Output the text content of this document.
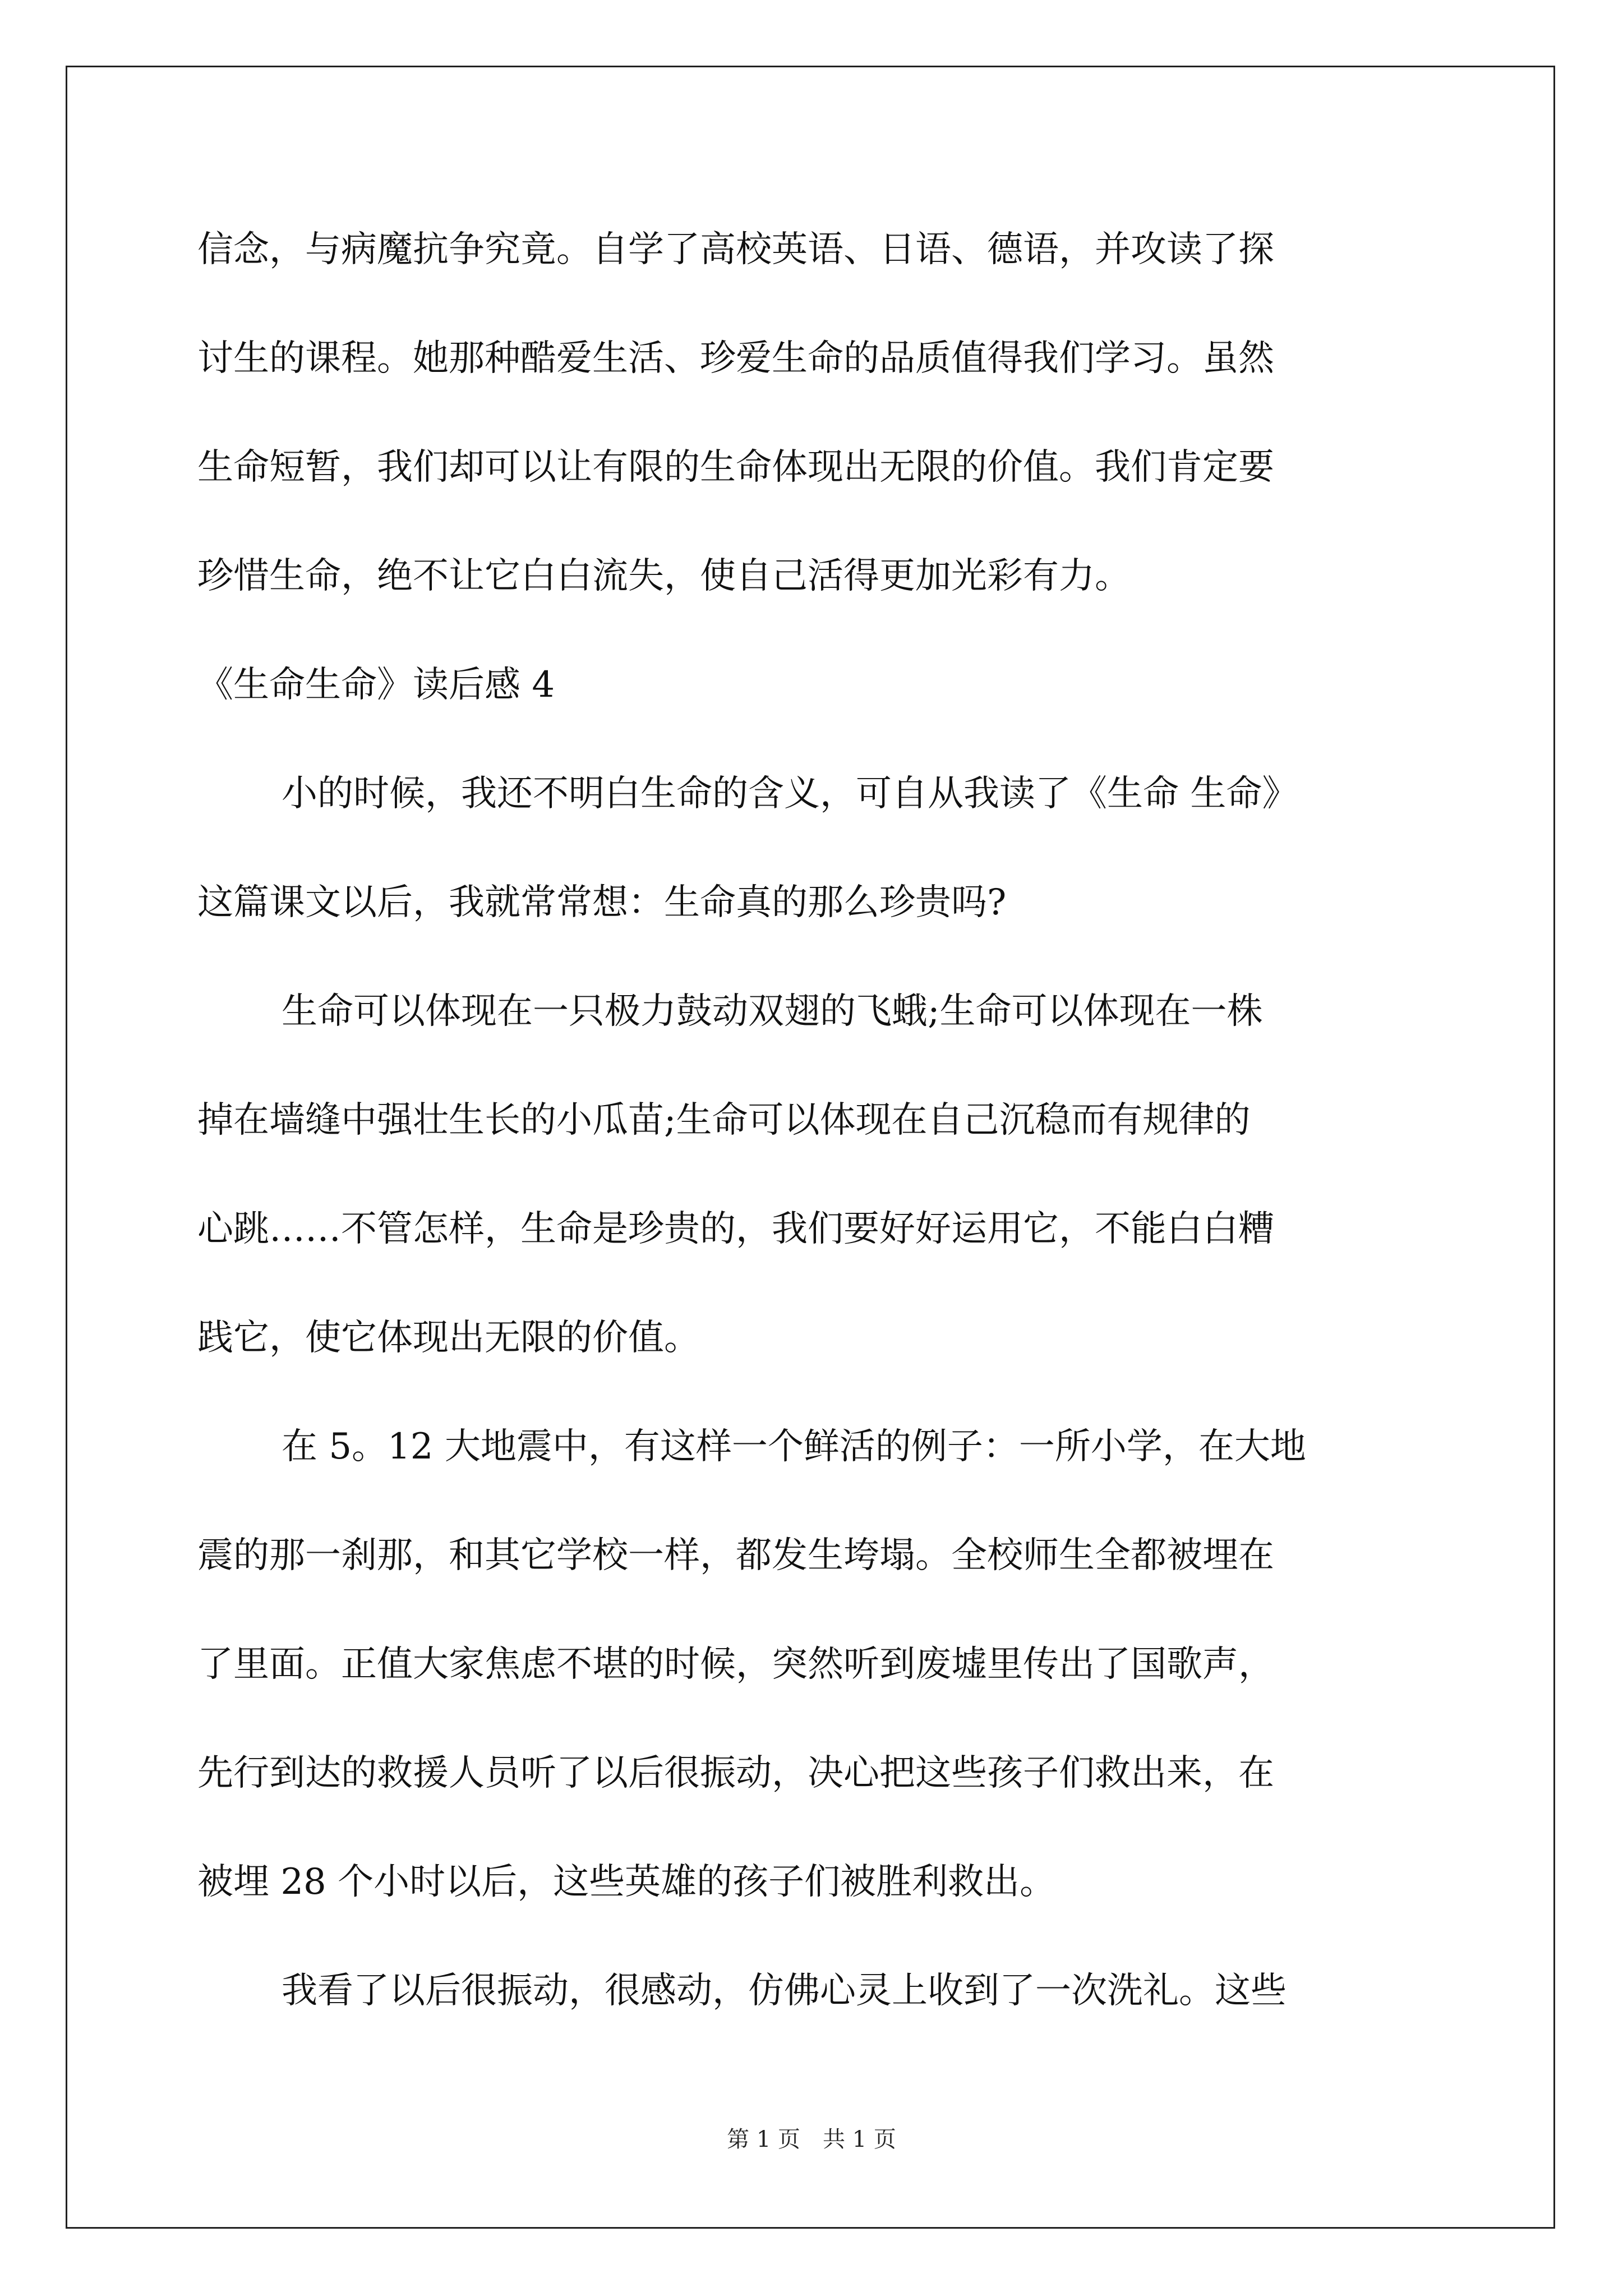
信念，与病魔抗争究竟。自学了高校英语、日语、德语，并攻读了探
讨生的课程。她那种酷爱生活、珍爱生命的品质值得我们学习。虽然
生命短暂，我们却可以让有限的生命体现出无限的价值。我们肯定要
珍惜生命，绝不让它白白流失，使自己活得更加光彩有力。
《生命生命》读后感 4
小的时候，我还不明白生命的含义，可自从我读了《生命 生命》
这篇课文以后，我就常常想：生命真的那么珍贵吗?
生命可以体现在一只极力鼓动双翅的飞蛾;生命可以体现在一株
掉在墙缝中强壮生长的小瓜苗;生命可以体现在自己沉稳而有规律的
心跳……不管怎样，生命是珍贵的，我们要好好运用它，不能白白糟
践它，使它体现出无限的价值。
在 5。12 大地震中，有这样一个鲜活的例子：一所小学，在大地
震的那一刹那，和其它学校一样，都发生垮塌。全校师生全都被埋在
了里面。正值大家焦虑不堪的时候，突然听到废墟里传出了国歌声，
先行到达的救援人员听了以后很振动，决心把这些孩子们救出来，在
被埋 28 个小时以后，这些英雄的孩子们被胜利救出。
我看了以后很振动，很感动，仿佛心灵上收到了一次洗礼。这些
第 1 页　共 1 页
